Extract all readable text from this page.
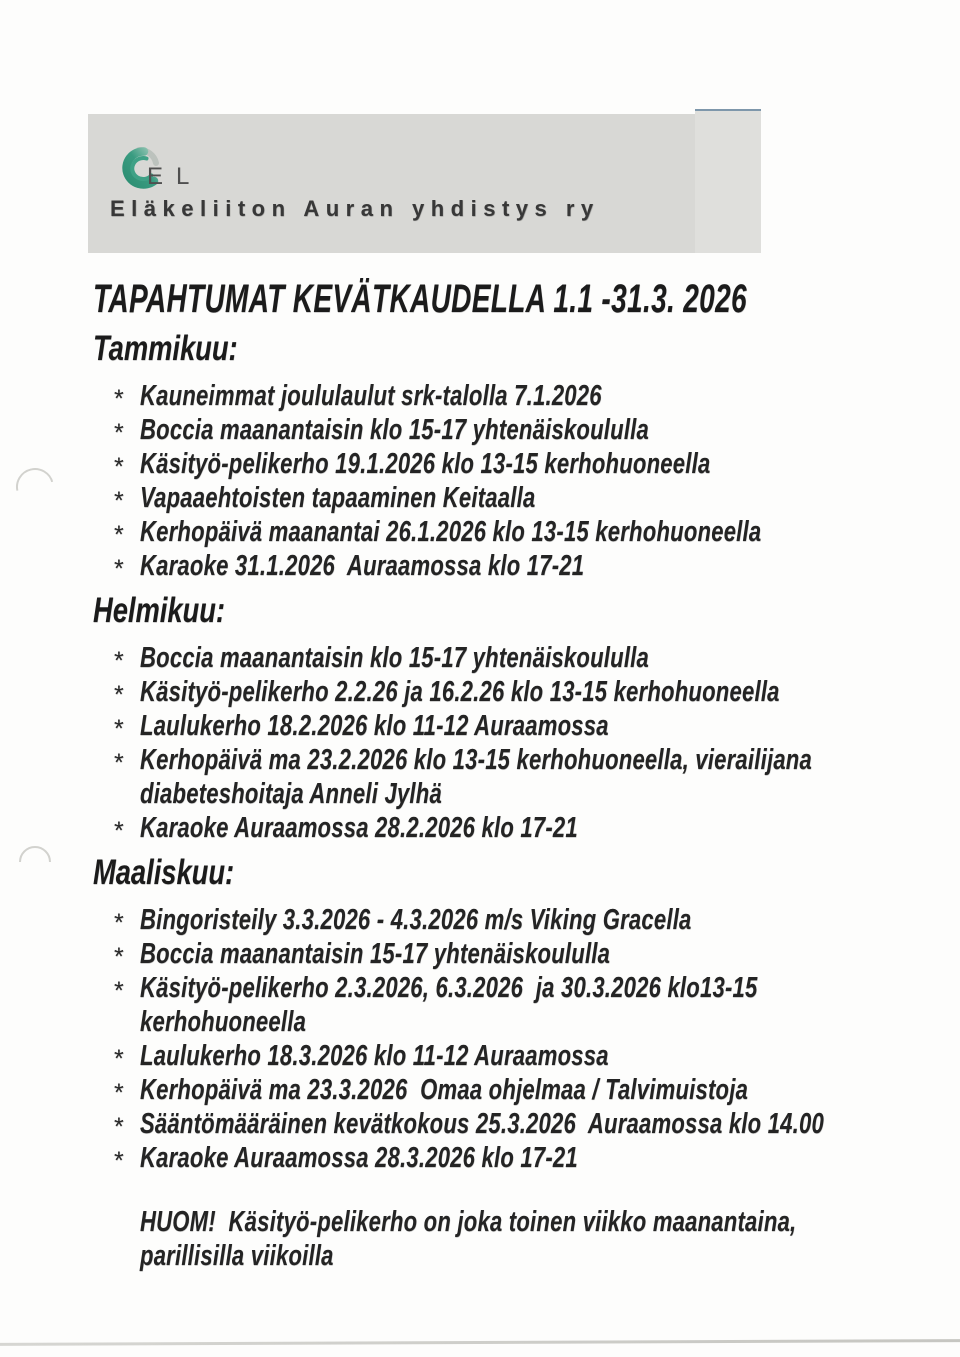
EL
Eläkeliiton Auran yhdistys ry
TAPAHTUMAT KEVÄTKAUDELLA 1.1 -31.3. 2026
Tammikuu:
* Kauneimmat joululaulut srk-talolla 7.1.2026
* Boccia maanantaisin klo 15-17 yhtenäiskoululla
* Käsityö-pelikerho 19.1.2026 klo 13-15 kerhohuoneella
* Vapaaehtoisten tapaaminen Keitaalla
* Kerhopäivä maanantai 26.1.2026 klo 13-15 kerhohuoneella
* Karaoke 31.1.2026  Auraamossa klo 17-21
Helmikuu:
* Boccia maanantaisin klo 15-17 yhtenäiskoululla
* Käsityö-pelikerho 2.2.26 ja 16.2.26 klo 13-15 kerhohuoneella
* Laulukerho 18.2.2026 klo 11-12 Auraamossa
* Kerhopäivä ma 23.2.2026 klo 13-15 kerhohuoneella, vierailijana diabeteshoitaja Anneli Jylhä
* Karaoke Auraamossa 28.2.2026 klo 17-21
Maaliskuu:
* Bingoristeily 3.3.2026 - 4.3.2026 m/s Viking Gracella
* Boccia maanantaisin 15-17 yhtenäiskoululla
* Käsityö-pelikerho 2.3.2026, 6.3.2026  ja 30.3.2026 klo13-15 kerhohuoneella
* Laulukerho 18.3.2026 klo 11-12 Auraamossa
* Kerhopäivä ma 23.3.2026  Omaa ohjelmaa / Talvimuistoja
* Sääntömääräinen kevätkokous 25.3.2026  Auraamossa klo 14.00
* Karaoke Auraamossa 28.3.2026 klo 17-21
HUOM!  Käsityö-pelikerho on joka toinen viikko maanantaina, parillisilla viikoilla
